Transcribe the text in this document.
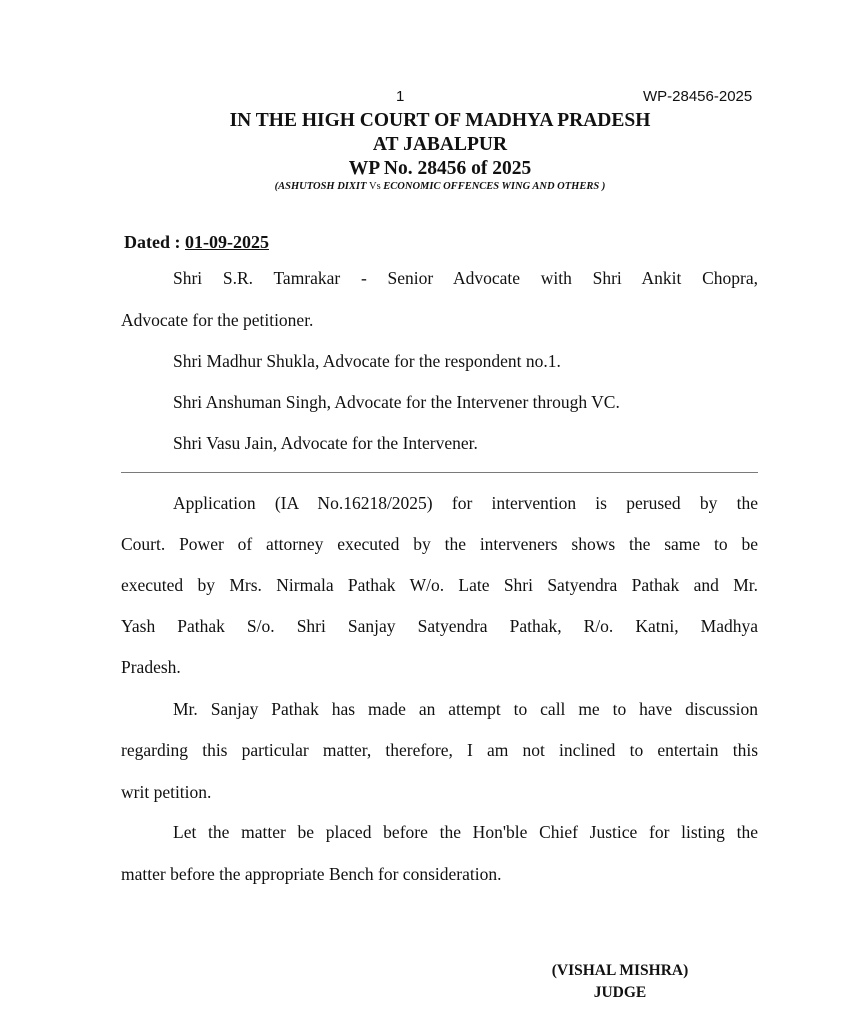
1	WP-28456-2025
IN THE HIGH COURT OF MADHYA PRADESH
AT JABALPUR
WP No. 28456 of 2025
(ASHUTOSH DIXIT Vs ECONOMIC OFFENCES WING AND OTHERS )
Dated : 01-09-2025
Shri S.R. Tamrakar - Senior Advocate with Shri Ankit Chopra,
Advocate for the petitioner.
Shri Madhur Shukla, Advocate for the respondent no.1.
Shri Anshuman Singh, Advocate for the Intervener through VC.
Shri Vasu Jain, Advocate for the Intervener.
Application (IA No.16218/2025) for intervention is perused by the
Court. Power of attorney executed by the interveners shows the same to be
executed by Mrs. Nirmala Pathak W/o. Late Shri Satyendra Pathak and Mr.
Yash Pathak S/o. Shri Sanjay Satyendra Pathak, R/o. Katni, Madhya
Pradesh.
Mr. Sanjay Pathak has made an attempt to call me to have discussion
regarding this particular matter, therefore, I am not inclined to entertain this
writ petition.
Let the matter be placed before the Hon'ble Chief Justice for listing the
matter before the appropriate Bench for consideration.
(VISHAL MISHRA)
JUDGE
